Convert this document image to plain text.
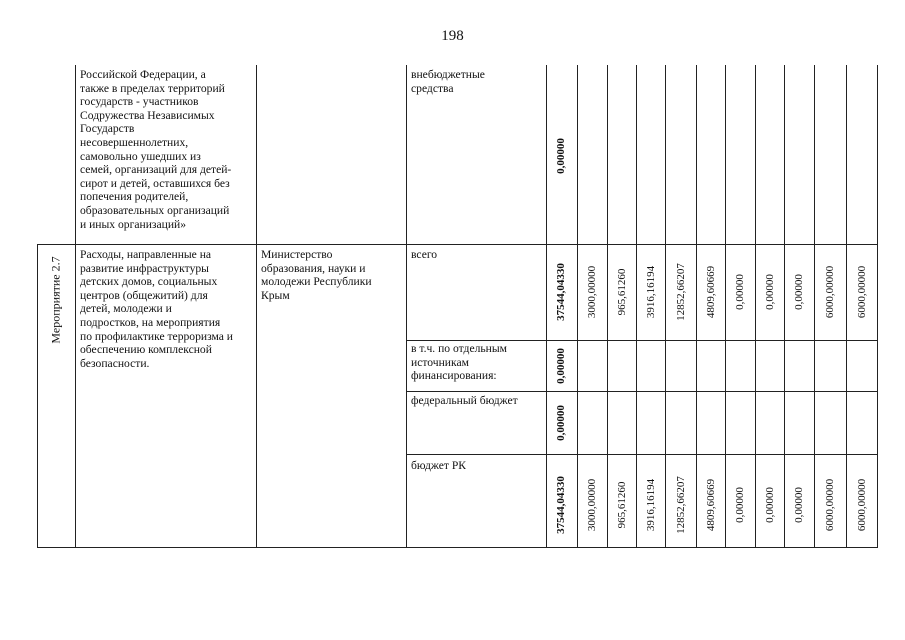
198
Российской Федерации, а
также в пределах территорий
государств - участников
Содружества Независимых
Государств
несовершеннолетних,
самовольно ушедших из
семей, организаций для детей-
сирот и детей, оставшихся без
попечения родителей,
образовательных организаций
и иных организаций»
внебюджетные
средства
0,00000
Мероприятие 2.7
Расходы, направленные на
развитие инфраструктуры
детских домов, социальных
центров (общежитий) для
детей, молодежи и
подростков, на мероприятия
по профилактике терроризма и
обеспечению комплексной
безопасности.
Министерство
образования, науки и
молодежи Республики
Крым
всего
37544,04330 3000,00000 965,61260 3916,16194 12852,66207 4809,60669 0,00000 0,00000 0,00000 6000,00000 6000,00000
в т.ч. по отдельным
источникам
финансирования:	0,00000
федеральный бюджет
0,00000
бюджет РК
37544,04330 3000,00000 965,61260 3916,16194 12852,66207 4809,60669 0,00000 0,00000 0,00000 6000,00000 6000,00000
